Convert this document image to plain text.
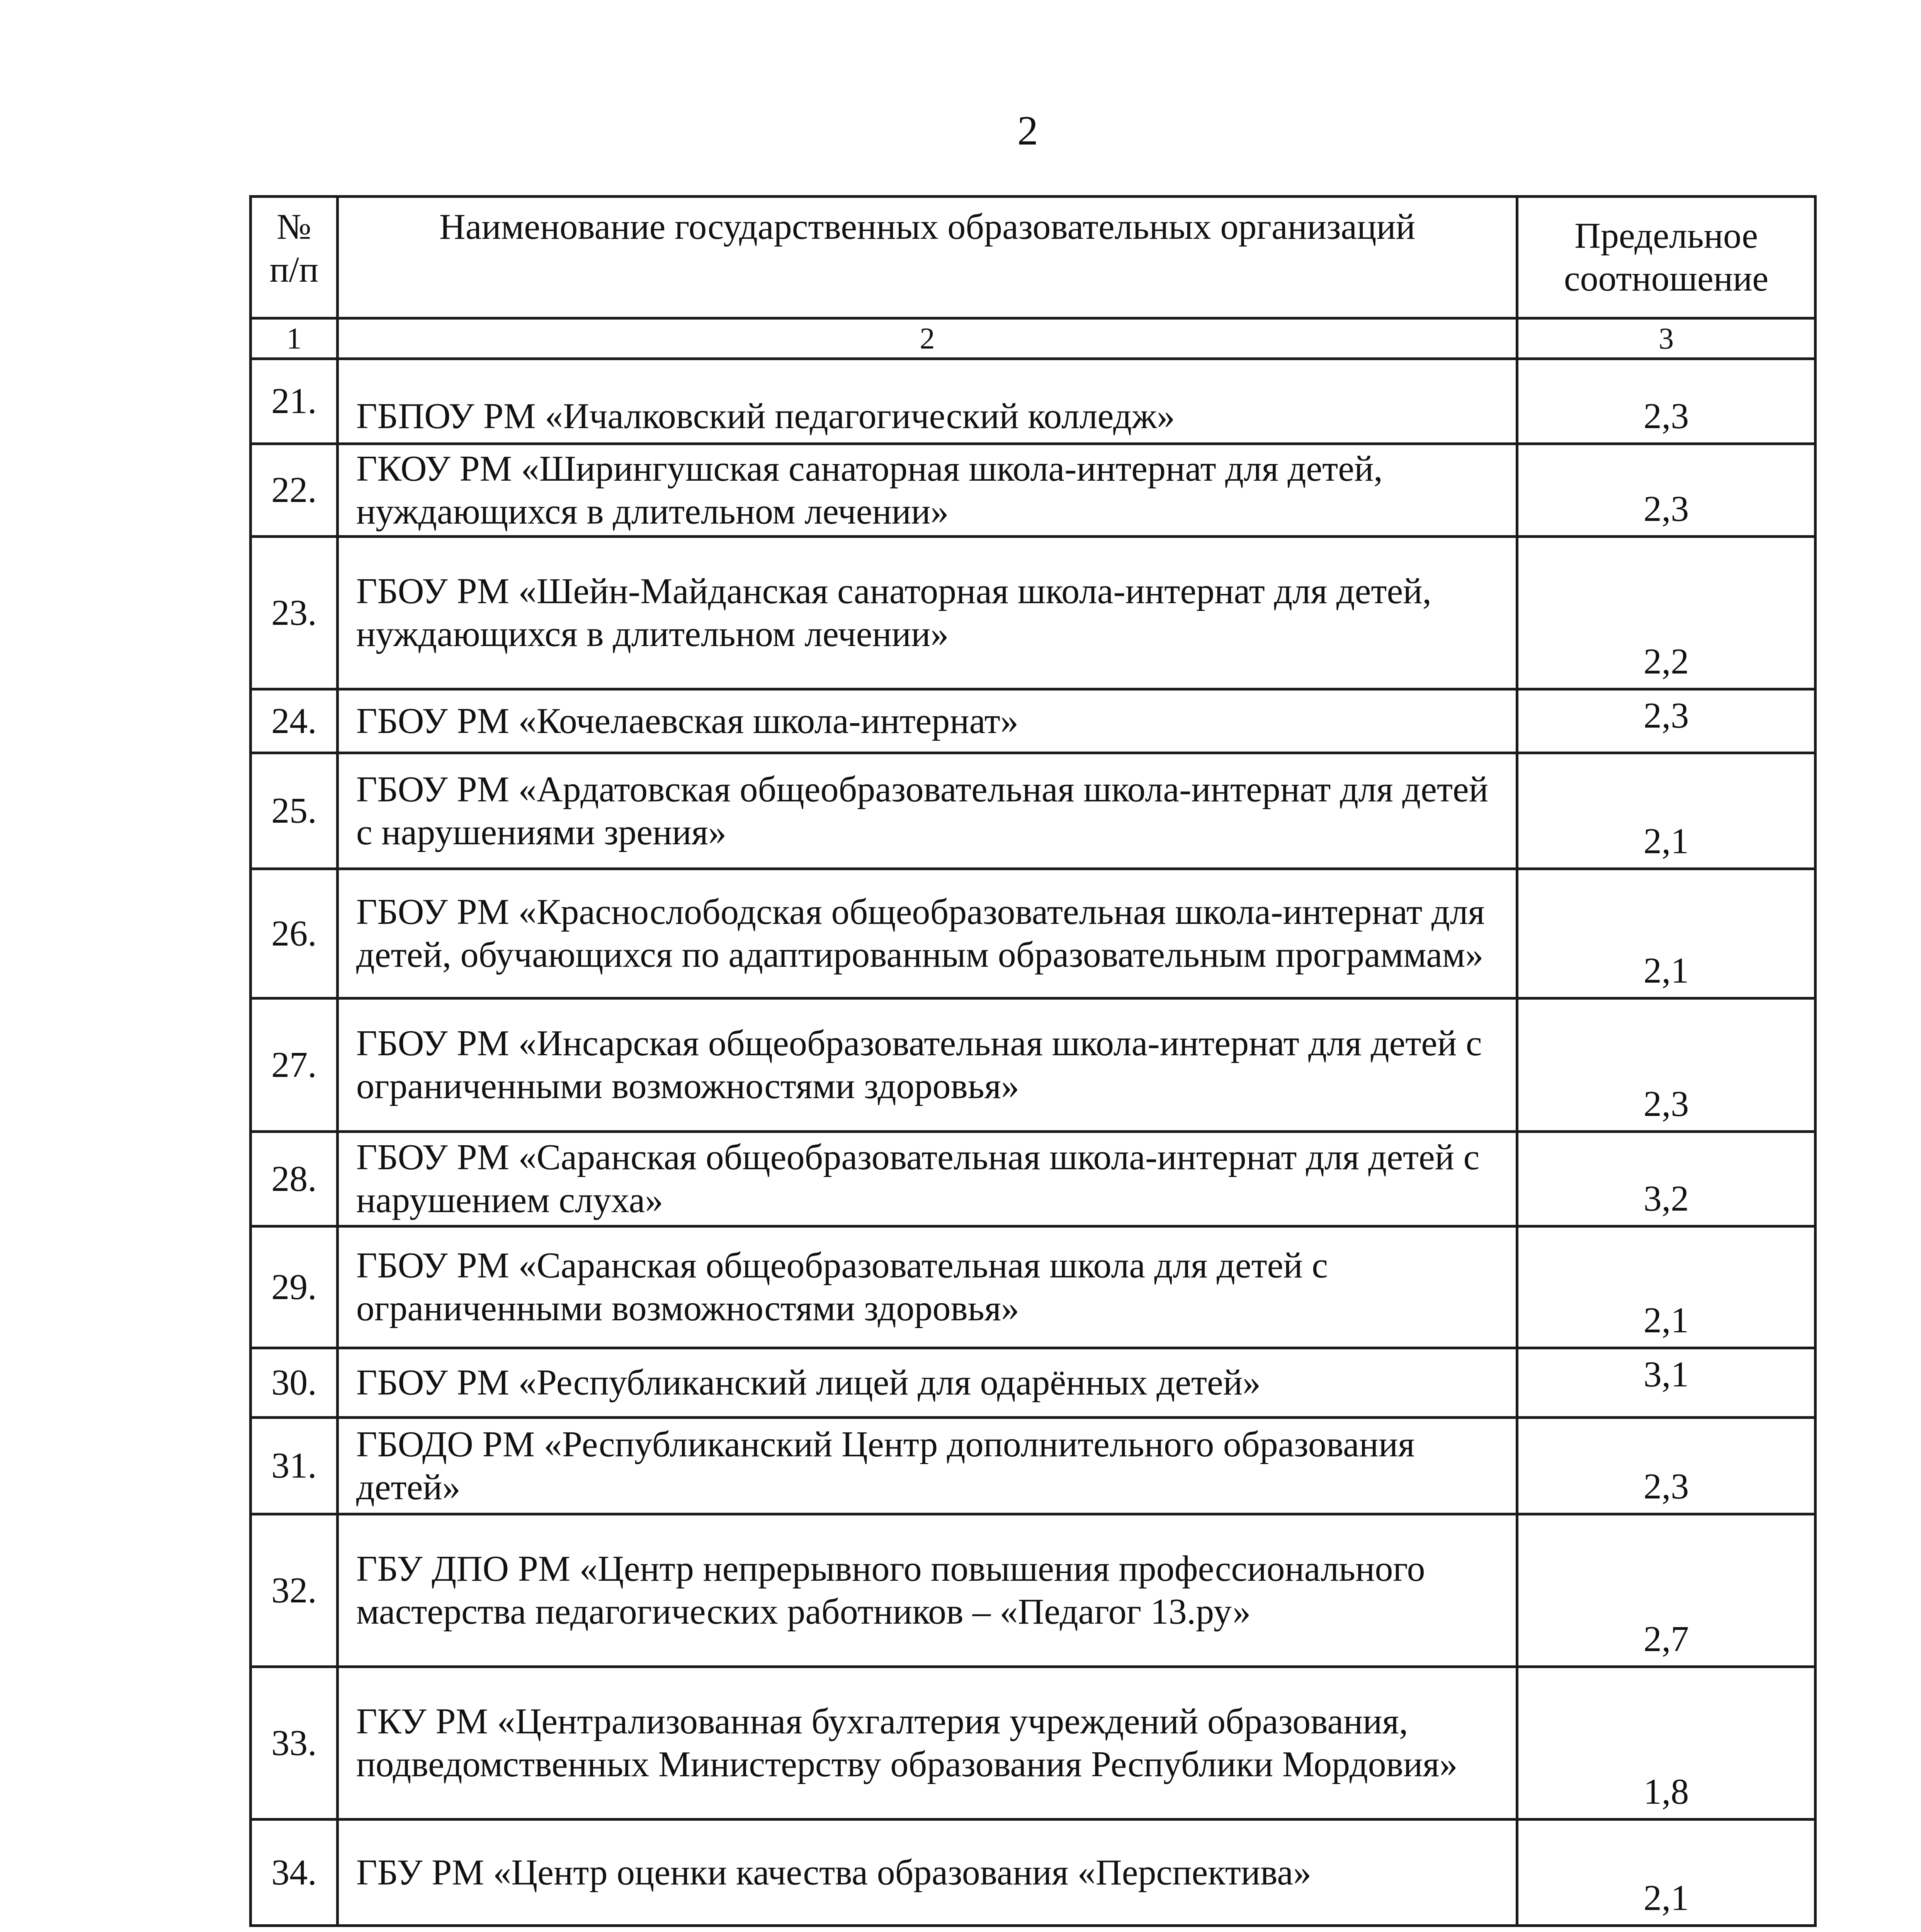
2
№
п/п	Наименование государственных образовательных организаций	Предельное
соотношение

1	2	3
21.	ГБПОУ РМ «Ичалковский педагогический колледж»	2,3
22.	ГКОУ РМ «Ширингушская санаторная школа-интернат для детей, нуждающихся в длительном лечении»	2,3
23.	ГБОУ РМ «Шейн-Майданская санаторная школа-интернат для детей, нуждающихся в длительном лечении»	2,2
24.	ГБОУ РМ «Кочелаевская школа-интернат»	2,3
25.	ГБОУ РМ «Ардатовская общеобразовательная школа-интернат для детей с нарушениями зрения»	2,1
26.	ГБОУ РМ «Краснослободская общеобразовательная школа-интернат для детей, обучающихся по адаптированным образовательным программам»	2,1
27.	ГБОУ РМ «Инсарская общеобразовательная школа-интернат для детей с ограниченными возможностями здоровья»	2,3
28.	ГБОУ РМ «Саранская общеобразовательная школа-интернат для детей с нарушением слуха»	3,2
29.	ГБОУ РМ «Саранская общеобразовательная школа для детей с ограниченными возможностями здоровья»	2,1
30.	ГБОУ РМ «Республиканский лицей для одарённых детей»	3,1
31.	ГБОДО РМ «Республиканский Центр дополнительного образования детей»	2,3
32.	ГБУ ДПО РМ «Центр непрерывного повышения профессионального мастерства педагогических работников – «Педагог 13.ру»	2,7
33.	ГКУ РМ «Централизованная бухгалтерия учреждений образования, подведомственных Министерству образования Республики Мордовия»	1,8
34.	ГБУ РМ «Центр оценки качества образования «Перспектива»	2,1
